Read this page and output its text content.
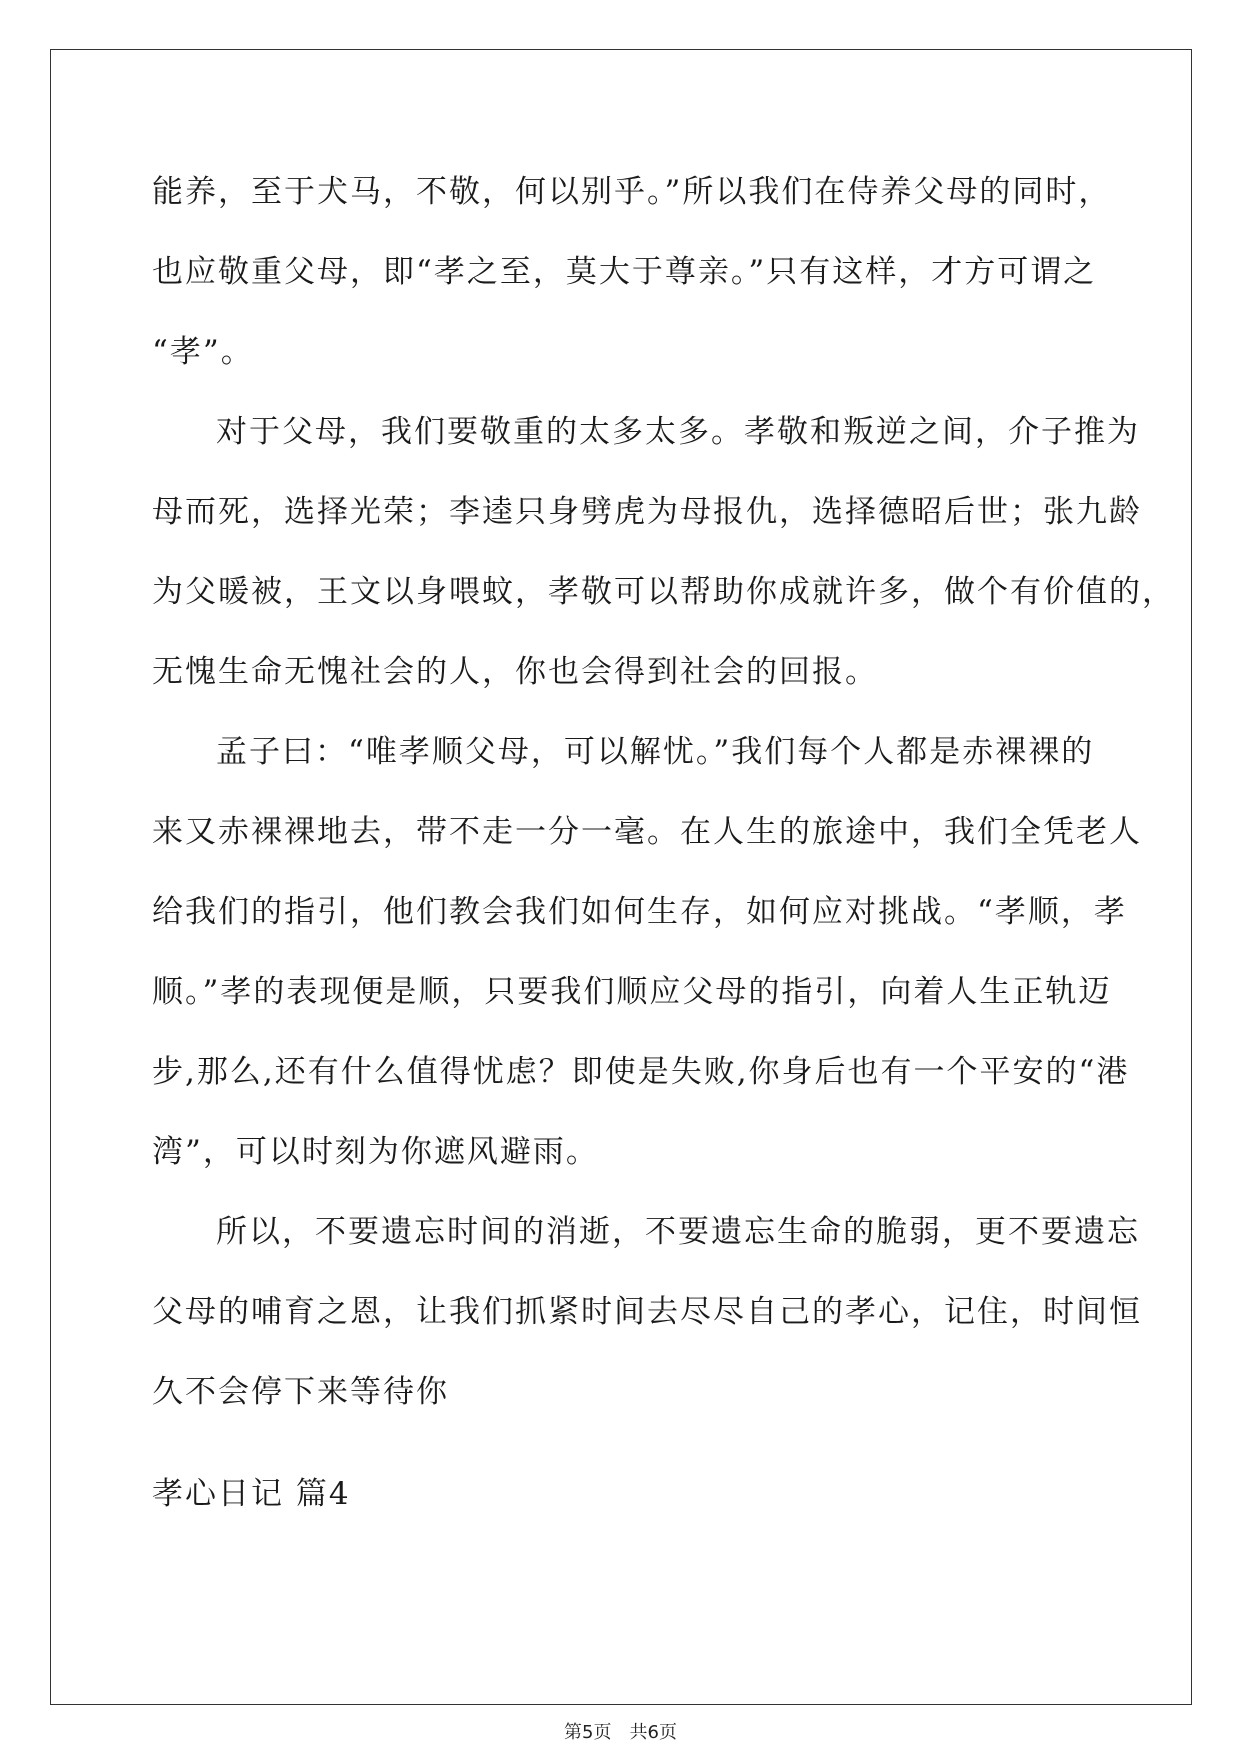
能养，至于犬马，不敬，何以别乎。”所以我们在侍养父母的同时，
也应敬重父母，即“孝之至，莫大于尊亲。”只有这样，才方可谓之
“孝”。
对于父母，我们要敬重的太多太多。孝敬和叛逆之间，介子推为
母而死，选择光荣；李逵只身劈虎为母报仇，选择德昭后世；张九龄
为父暖被，王文以身喂蚊，孝敬可以帮助你成就许多，做个有价值的，
无愧生命无愧社会的人，你也会得到社会的回报。
孟子曰：“唯孝顺父母，可以解忧。”我们每个人都是赤裸裸的
来又赤裸裸地去，带不走一分一毫。在人生的旅途中，我们全凭老人
给我们的指引，他们教会我们如何生存，如何应对挑战。“孝顺，孝
顺。”孝的表现便是顺，只要我们顺应父母的指引，向着人生正轨迈
步,那么,还有什么值得忧虑？即使是失败,你身后也有一个平安的“港
湾”，可以时刻为你遮风避雨。
所以，不要遗忘时间的消逝，不要遗忘生命的脆弱，更不要遗忘
父母的哺育之恩，让我们抓紧时间去尽尽自己的孝心，记住，时间恒
久不会停下来等待你
孝心日记 篇4
第5页　共6页
